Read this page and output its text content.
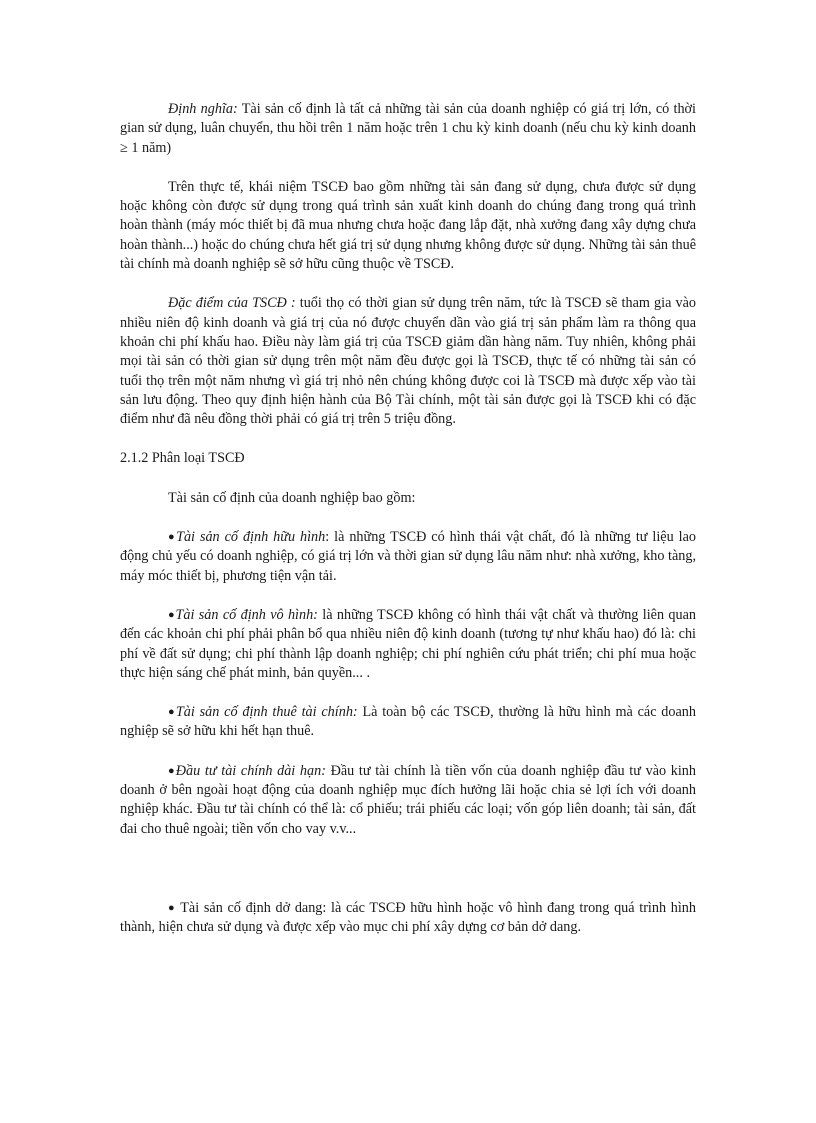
Định nghĩa: Tài sản cố định là tất cả những tài sản của doanh nghiệp có giá trị lớn, có thời gian sử dụng, luân chuyển, thu hồi trên 1 năm hoặc trên 1 chu kỳ kinh doanh (nếu chu kỳ kinh doanh ≥ 1 năm)

Trên thực tế, khái niệm TSCĐ bao gồm những tài sản đang sử dụng, chưa được sử dụng hoặc không còn được sử dụng trong quá trình sản xuất kinh doanh do chúng đang trong quá trình hoàn thành (máy móc thiết bị đã mua nhưng chưa hoặc đang lắp đặt, nhà xưởng đang xây dựng chưa hoàn thành...) hoặc do chúng chưa hết giá trị sử dụng nhưng không được sử dụng. Những tài sản thuê tài chính mà doanh nghiệp sẽ sở hữu cũng thuộc về TSCĐ.

Đặc điểm của TSCĐ : tuổi thọ có thời gian sử dụng trên năm, tức là TSCĐ sẽ tham gia vào nhiều niên độ kinh doanh và giá trị của nó được chuyển dần vào giá trị sản phẩm làm ra thông qua khoản chi phí khấu hao. Điều này làm giá trị của TSCĐ giảm dần hàng năm. Tuy nhiên, không phải mọi tài sản có thời gian sử dụng trên một năm đều được gọi là TSCĐ, thực tế có những tài sản có tuổi thọ trên một năm nhưng vì giá trị nhỏ nên chúng không được coi là TSCĐ mà được xếp vào tài sản lưu động. Theo quy định hiện hành của Bộ Tài chính, một tài sản được gọi là TSCĐ khi có đặc điểm như đã nêu đồng thời phải có giá trị trên 5 triệu đồng.

2.1.2 Phân loại TSCĐ

Tài sản cố định của doanh nghiệp bao gồm:

●Tài sản cố định hữu hình: là những TSCĐ có hình thái vật chất, đó là những tư liệu lao động chủ yếu có doanh nghiệp, có giá trị lớn và thời gian sử dụng lâu năm như: nhà xưởng, kho tàng, máy móc thiết bị, phương tiện vận tải.

●Tài sản cố định vô hình: là những TSCĐ không có hình thái vật chất và thường liên quan đến các khoản chi phí phải phân bổ qua nhiều niên độ kinh doanh (tương tự như khấu hao) đó là: chi phí về đất sử dụng; chi phí thành lập doanh nghiệp; chi phí nghiên cứu phát triển; chi phí mua hoặc thực hiện sáng chế phát minh, bản quyền... .

●Tài sản cố định thuê tài chính: Là toàn bộ các TSCĐ, thường là hữu hình mà các doanh nghiệp sẽ sở hữu khi hết hạn thuê.

●Đầu tư tài chính dài hạn: Đầu tư tài chính là tiền vốn của doanh nghiệp đầu tư vào kinh doanh ở bên ngoài hoạt động của doanh nghiệp mục đích hưởng lãi hoặc chia sẻ lợi ích với doanh nghiệp khác. Đầu tư tài chính có thể là: cổ phiếu; trái phiếu các loại; vốn góp liên doanh; tài sản, đất đai cho thuê ngoài; tiền vốn cho vay v.v...

● Tài sản cố định dở dang: là các TSCĐ hữu hình hoặc vô hình đang trong quá trình hình thành, hiện chưa sử dụng và được xếp vào mục chi phí xây dựng cơ bản dở dang.
